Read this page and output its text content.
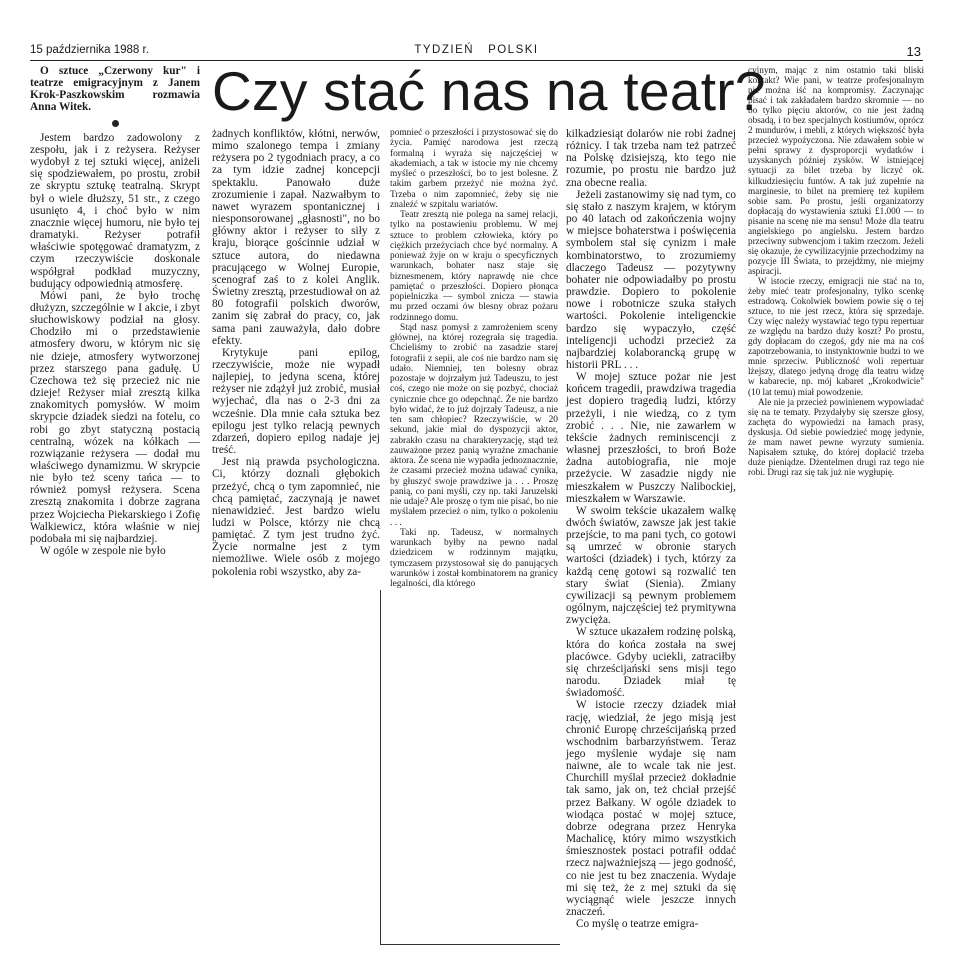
15 października 1988 r.	TYDZIEŃ POLSKI	13
Czy stać nas na teatr?

O sztuce „Czerwony kur" i teatrze emigracyjnym z Janem Krok-Paszkowskim rozmawia Anna Witek.

Jestem bardzo zadowolony z zespołu, jak i z reżysera. Reżyser wydobył z tej sztuki więcej, aniżeli się spodziewałem, po prostu, zrobił ze skryptu sztukę teatralną. Skrypt był o wiele dłuższy, 51 str., z czego usunięto 4, i choć było w nim znacznie więcej humoru, nie było tej dramatyki. Reżyser potrafił właściwie spotęgować dramatyzm, z czym rzeczywiście doskonale współgrał podkład muzyczny, budujący odpowiednią atmosferę.

Mówi pani, że było trochę dłużyzn, szczególnie w I akcie, i zbyt słuchowiskowy podział na głosy. Chodziło mi o przedstawienie atmosfery dworu, w którym nic się nie dzieje, atmosfery wytworzonej przez starszego pana gadułę. U Czechowa też się przecież nic nie dzieje! Reżyser miał zresztą kilka znakomitych pomysłów. W moim skrypcie dziadek siedzi na fotelu, co robi go zbyt statyczną postacią centralną, wózek na kółkach — rozwiązanie reżysera — dodał mu właściwego dynamizmu. W skrypcie nie było też sceny tańca — to również pomysł reżysera. Scena zresztą znakomita i dobrze zagrana przez Wojciecha Piekarskiego i Zofię Walkiewicz, która właśnie w niej podobała mi się najbardziej.

W ogóle w zespole nie było

żadnych konfliktów, kłótni, nerwów, mimo szalonego tempa i zmiany reżysera po 2 tygodniach pracy, a co za tym idzie zadnej koncepcji spektaklu. Panowało duże zrozumienie i zapał. Nazwałbym to nawet wyrazem spontanicznej i niesponsorowanej „głasnosti", no bo główny aktor i reżyser to siły z kraju, biorące gościnnie udział w sztuce autora, do niedawna pracującego w Wolnej Europie, scenograf zaś to z kolei Anglik. Świetny zresztą, przestudiował on aż 80 fotografii polskich dworów, zanim się zabrał do pracy, co, jak sama pani zauważyła, dało dobre efekty.

Krytykuje pani epilog, rzeczywiście, może nie wypadł najlepiej, to jedyna scena, której reżyser nie zdążył już zrobić, musiał wyjechać, dla nas o 2-3 dni za wcześnie. Dla mnie cała sztuka bez epilogu jest tylko relacją pewnych zdarzeń, dopiero epilog nadaje jej treść.

Jest nią prawda psychologiczna. Ci, którzy doznali głębokich przeżyć, chcą o tym zapomnieć, nie chcą pamiętać, zaczynają je nawet nienawidzieć. Jest bardzo wielu ludzi w Polsce, którzy nie chcą pamiętać. Z tym jest trudno żyć. Życie normalne jest z tym niemożliwe. Wiele osób z mojego pokolenia robi wszystko, aby za-

pomnieć o przeszłości i przystosować się do życia. Pamięć narodowa jest rzeczą formalną i wyraża się najczęściej w akademiach, a tak w istocie my nie chcemy myśleć o przeszłości, bo to jest bolesne. Z takim garbem przeżyć nie można żyć. Trzeba o nim zapomnieć, żeby się nie znaleźć w szpitalu wariatów.

Teatr zresztą nie polega na samej relacji, tylko na postawieniu problemu. W mej sztuce to problem człowieka, który po ciężkich przeżyciach chce być normalny. A ponieważ żyje on w kraju o specyficznych warunkach, bohater nasz staje się biznesmenem, który naprawdę nie chce pamiętać o przeszłości. Dopiero płonąca popielniczka — symbol znicza — stawia mu przed oczami ów blesny obraz pożaru rodzinnego domu.

Stąd nasz pomysł z zamrożeniem sceny głównej, na której rozegrała się tragedia. Chcieliśmy to zrobić na zasadzie starej fotografii z sepii, ale coś nie bardzo nam się udało. Niemniej, ten bolesny obraz pozostaje w dojrzałym już Tadeuszu, to jest coś, czego nie może on się pozbyć, chociaż cynicznie chce go odepchnąć. Że nie bardzo było widać, że to już dojrzały Tadeusz, a nie ten sam chłopiec? Rzeczywiście, w 20 sekund, jakie miał do dyspozycji aktor, zabrakło czasu na charakteryzację, stąd też zauważone przez panią wyraźne zmachanie aktora. Że scena nie wypadła jednoznacznie, że czasami przecież można udawać cynika, by głuszyć swoje prawdziwe ja . . . Proszę panią, co pani myśli, czy np. taki Jaruzelski nie udaje? Ale proszę o tym nie pisać, bo nie myślałem przecież o nim, tylko o pokoleniu . . .

Taki np. Tadeusz, w normalnych warunkach byłby na pewno nadal dziedzicem w rodzinnym majątku, tymczasem przystosował się do panujących warunków i został kombinatorem na granicy legalności, dla którego

kilkadziesiąt dolarów nie robi żadnej różnicy. I tak trzeba nam też patrzeć na Polskę dzisiejszą, kto tego nie rozumie, po prostu nie bardzo już zna obecne realia.

Jeżeli zastanowimy się nad tym, co się stało z naszym krajem, w którym po 40 latach od zakończenia wojny w miejsce bohaterstwa i poświęcenia symbolem stał się cynizm i małe kombinatorstwo, to zrozumiemy dlaczego Tadeusz — pozytywny bohater nie odpowiadałby po prostu prawdzie. Dopiero to pokolenie nowe i robotnicze szuka stałych wartości. Pokolenie inteligenckie bardzo się wypaczyło, część inteligencji uchodzi przecież za najbardziej kolaborancką grupę w historii PRL . . .

W mojej sztuce pożar nie jest końcem tragedii, prawdziwa tragedia jest dopiero tragedią ludzi, którzy przeżyli, i nie wiedzą, co z tym zrobić . . . Nie, nie zawarłem w tekście żadnych reminiscencji z własnej przeszłości, to broń Boże żadna autobiografia, nie moje przeżycie. W zasadzie nigdy nie mieszkałem w Puszczy Nalibockiej, mieszkałem w Warszawie.

W swoim tekście ukazałem walkę dwóch światów, zawsze jak jest takie przejście, to ma pani tych, co gotowi są umrzeć w obronie starych wartości (dziadek) i tych, którzy za każdą cenę gotowi są rozwalić ten stary świat (Sienia). Zmiany cywilizacji są pewnym problemem ogólnym, najczęściej też prymitywna zwycięża.

W sztuce ukazałem rodzinę polską, która do końca została na swej placówce. Gdyby uciekli, zatraciłby się chrześcijański sens misji tego narodu. Dziadek miał tę świadomość.

W istocie rzeczy dziadek miał rację, wiedział, że jego misją jest chronić Europę chrześcijańską przed wschodnim barbarzyństwem. Teraz jego myślenie wydaje się nam naiwne, ale to wcale tak nie jest. Churchill myślał przecież dokładnie tak samo, jak on, też chciał przejść przez Bałkany. W ogóle dziadek to wiodąca postać w mojej sztuce, dobrze odegrana przez Henryka Machalicę, który mimo wszystkich śmiesznostek postaci potrafił oddać rzecz najważniejszą — jego godność, co nie jest tu bez znaczenia. Wydaje mi się też, że z mej sztuki da się wyciągnąć wiele jeszcze innych znaczeń.

Co myślę o teatrze emigra-

cyjnym, mając z nim ostatnio taki bliski kontakt? Wie pani, w teatrze profesjonalnym nie można iść na kompromisy. Zaczynając pisać i tak zakładałem bardzo skromnie — no bo tylko pięciu aktorów, co nie jest żadną obsadą, i to bez specjalnych kostiumów, oprócz 2 mundurów, i mebli, z których większość była przecież wypożyczona. Nie zdawałem sobie w pełni sprawy z dysproporcji wydatków i uzyskanych później zysków. W istniejącej sytuacji za bilet trzeba by liczyć ok. kilkudziesięciu funtów. A tak już zupełnie na marginesie, to bilet na premierę też kupiłem sobie sam. Po prostu, jeśli organizatorzy dopłacają do wystawienia sztuki £1.000 — to pisanie na scenę nie ma sensu! Może dla teatru angielskiego po angielsku. Jestem bardzo przeciwny subwencjom i takim rzeczom. Jeżeli się okazuje, że cywilizacyjnie przechodzimy na pozycje III Świata, to przejdźmy, nie miejmy aspiracji.

W istocie rzeczy, emigracji nie stać na to, żeby mieć teatr profesjonalny, tylko scenkę estradową. Cokolwiek bowiem powie się o tej sztuce, to nie jest rzecz, która się sprzedaje. Czy więc należy wystawiać tego typu repertuar ze względu na bardzo duży koszt? Po prostu, gdy dopłacam do czegoś, gdy nie ma na coś zapotrzebowania, to instynktownie budzi to we mnie sprzeciw. Publiczność woli repertuar lżejszy, dlatego jedyną drogę dla teatru widzę w kabarecie, np. mój kabaret „Krokodwicie" (10 lat temu) miał powodzenie.

Ale nie ja przecież powinienem wypowiadać się na te tematy. Przydałyby się szersze głosy, zachęta do wypowiedzi na łamach prasy, dyskusja. Od siebie powiedzieć mogę jedynie, że mam nawet pewne wyrzuty sumienia. Napisałem sztukę, do której dopłacić trzeba duże pieniądze. Dżentelmen drugi raz tego nie robi. Drugi raz się tak już nie wygłupię.
